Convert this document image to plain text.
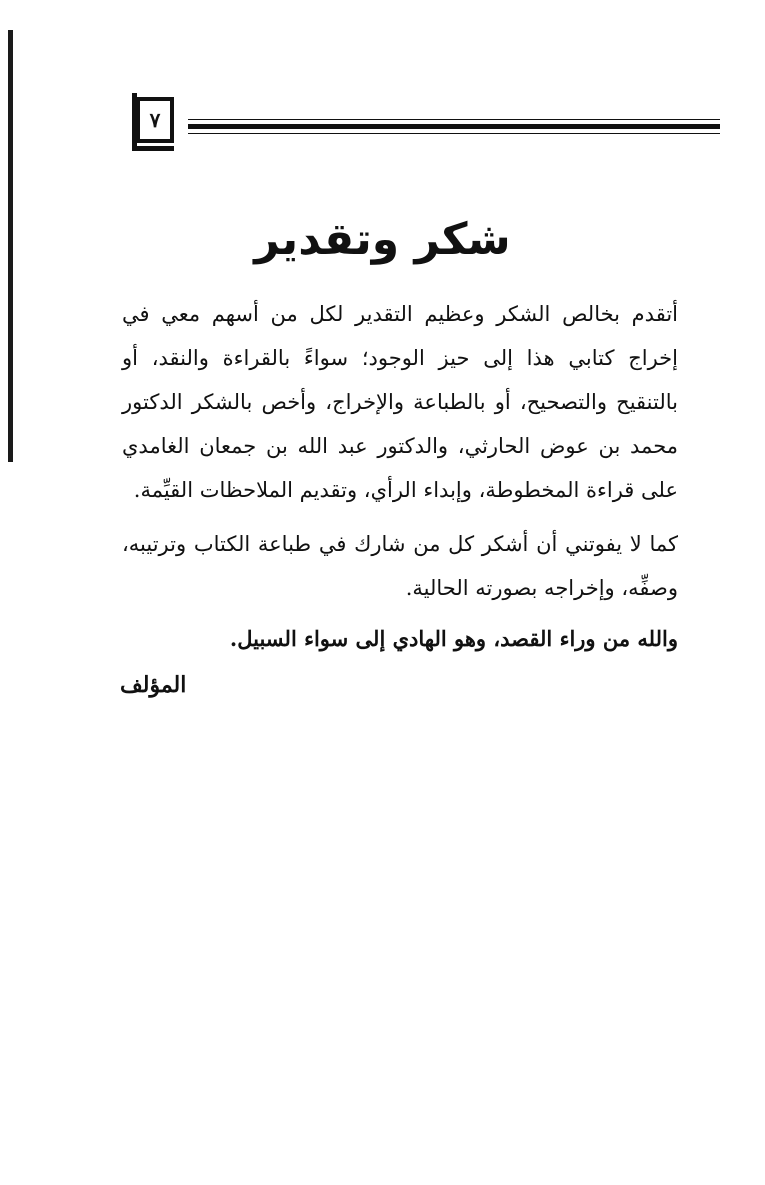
٧
شكر وتقدير

أتقدم بخالص الشكر وعظيم التقدير لكل من أسهم معي في إخراج كتابي هذا إلى حيز الوجود؛ سواءً بالقراءة والنقد، أو بالتنقيح والتصحيح، أو بالطباعة والإخراج، وأخص بالشكر الدكتور محمد بن عوض الحارثي، والدكتور عبد الله بن جمعان الغامدي على قراءة المخطوطة، وإبداء الرأي، وتقديم الملاحظات القيِّمة.

كما لا يفوتني أن أشكر كل من شارك في طباعة الكتاب وترتيبه، وصفِّه، وإخراجه بصورته الحالية.

والله من وراء القصد، وهو الهادي إلى سواء السبيل.

المؤلف
